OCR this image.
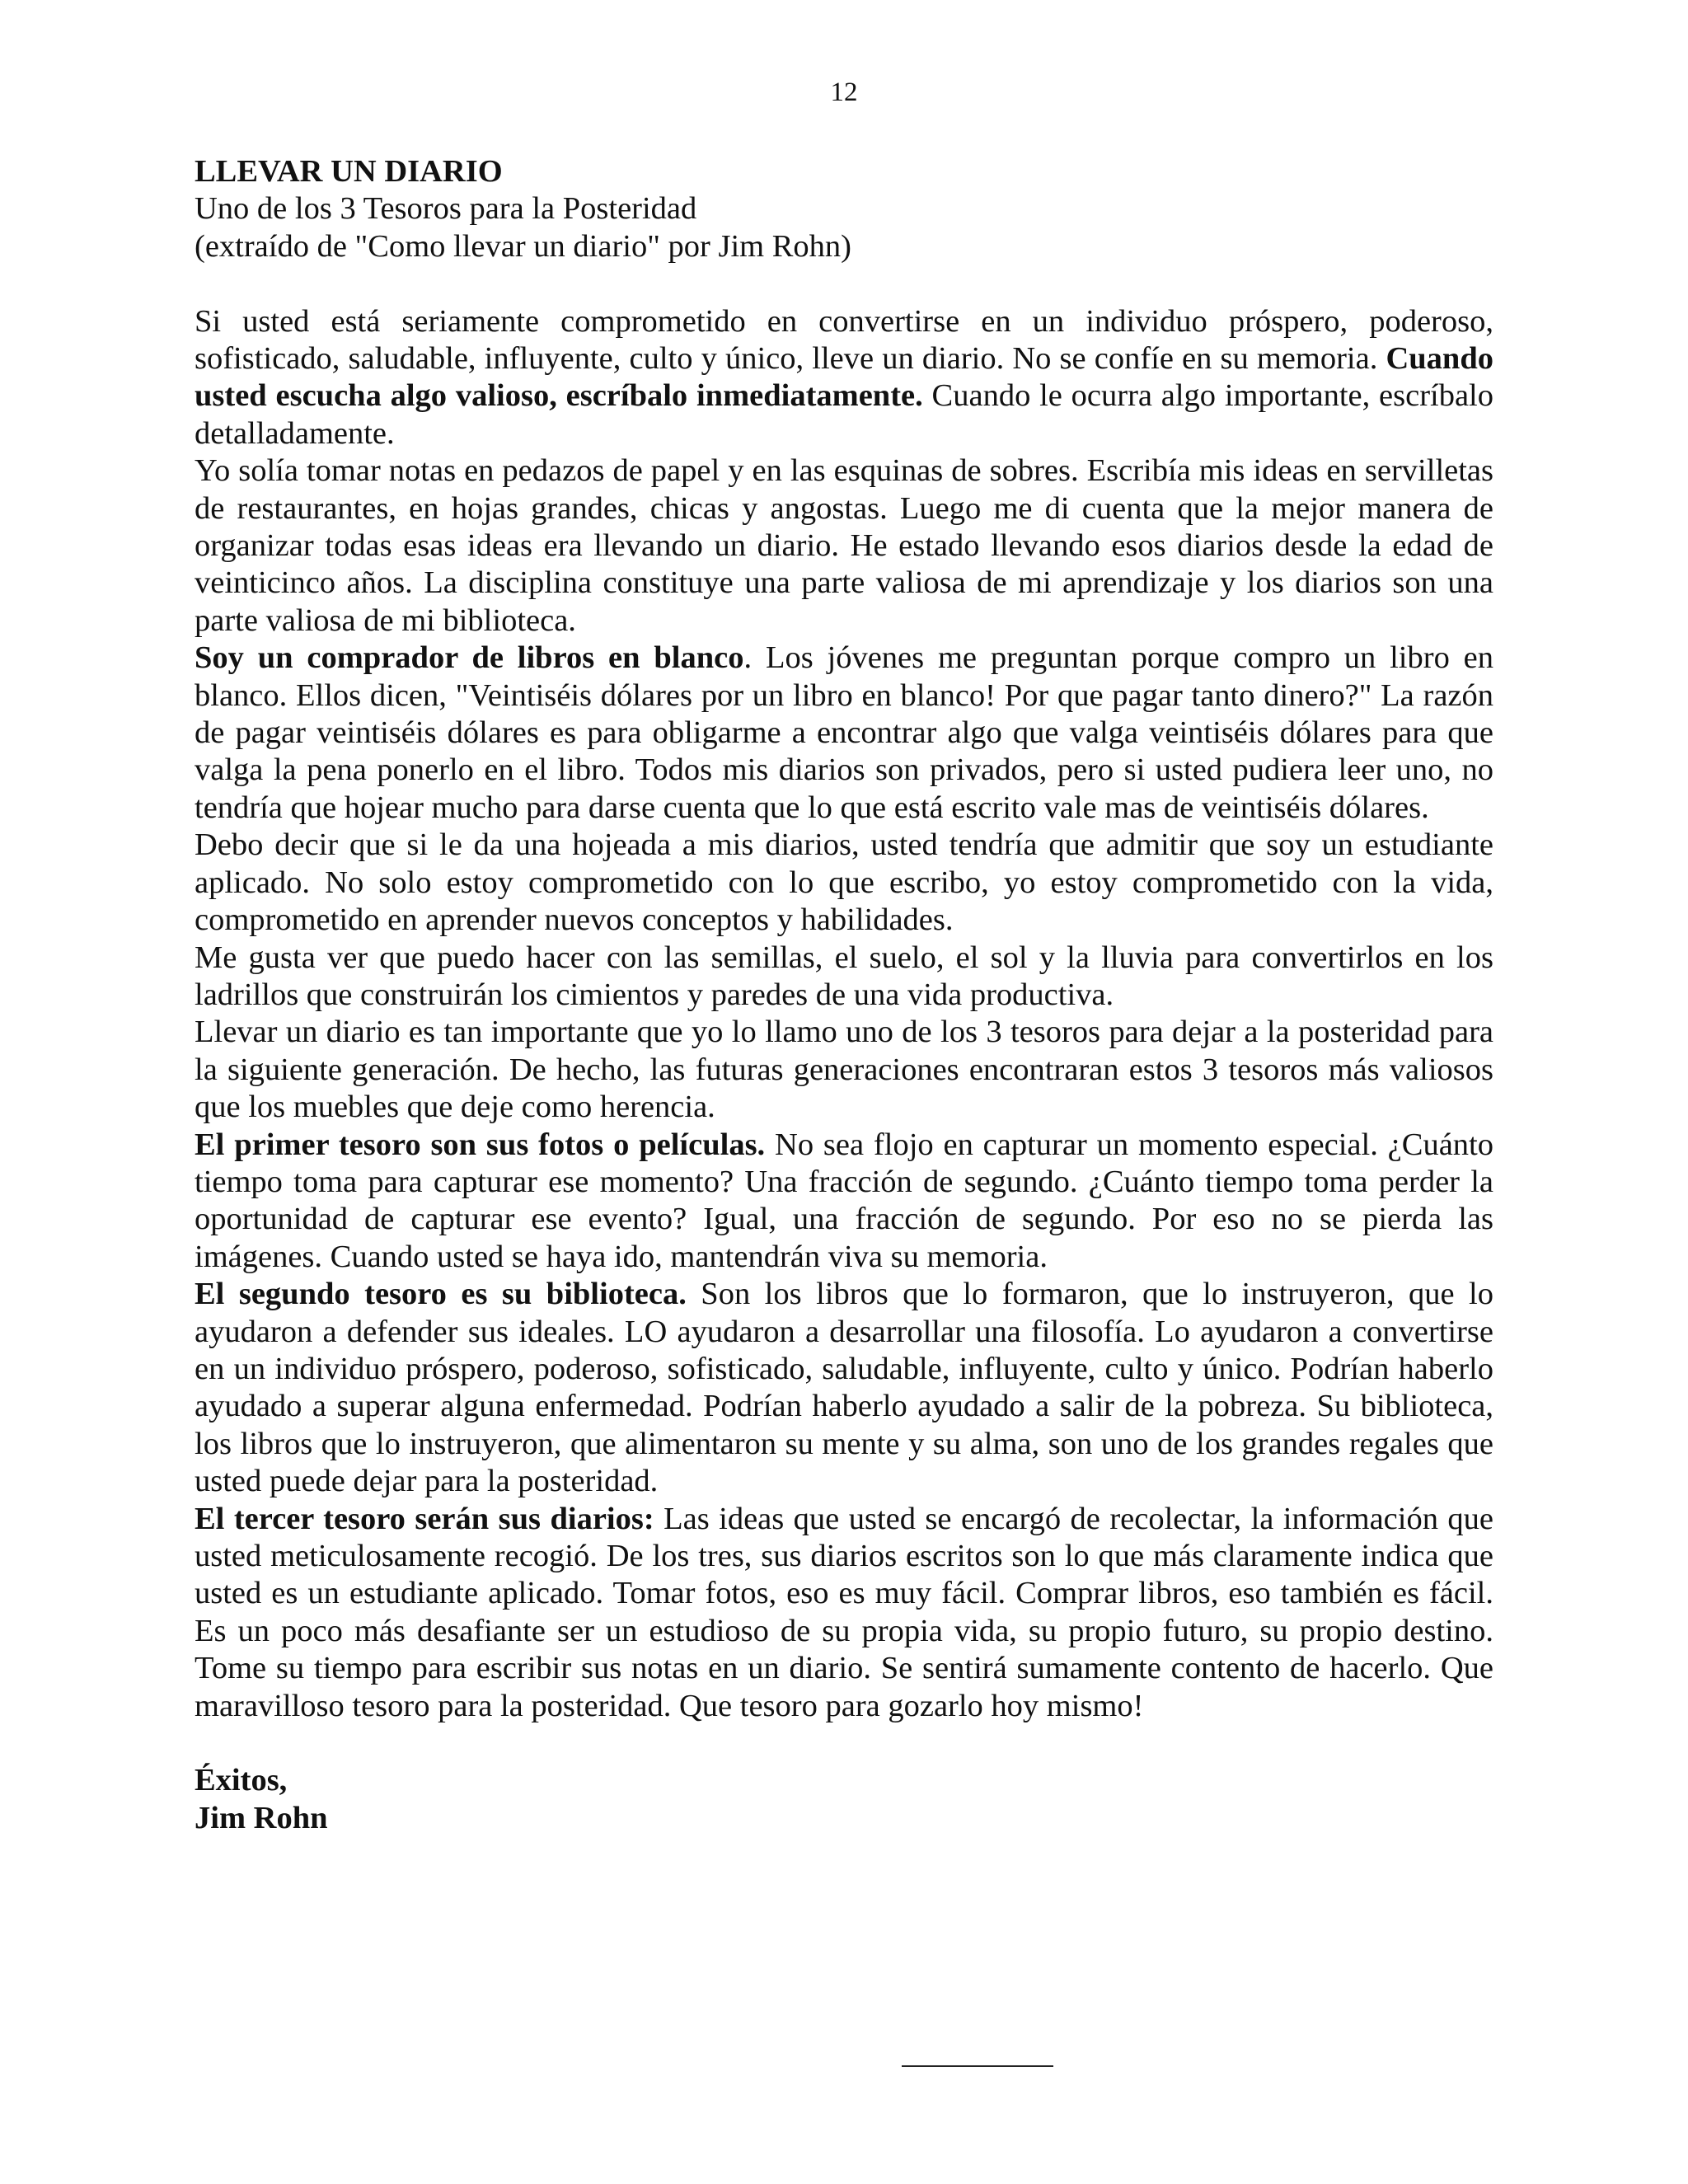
12

LLEVAR UN DIARIO

Uno de los 3 Tesoros para la Posteridad

(extraído de "Como llevar un diario" por Jim Rohn)

Si usted está seriamente comprometido en convertirse en un individuo próspero, poderoso, sofisticado, saludable, influyente, culto y único, lleve un diario. No se confíe en su memoria. Cuando usted escucha algo valioso, escríbalo inmediatamente. Cuando le ocurra algo importante, escríbalo detalladamente.

Yo solía tomar notas en pedazos de papel y en las esquinas de sobres. Escribía mis ideas en servilletas de restaurantes, en hojas grandes, chicas y angostas. Luego me di cuenta que la mejor manera de organizar todas esas ideas era llevando un diario. He estado llevando esos diarios desde la edad de veinticinco años. La disciplina constituye una parte valiosa de mi aprendizaje y los diarios son una parte valiosa de mi biblioteca.

Soy un comprador de libros en blanco. Los jóvenes me preguntan porque compro un libro en blanco. Ellos dicen, "Veintiséis dólares por un libro en blanco! Por que pagar tanto dinero?" La razón de pagar veintiséis dólares es para obligarme a encontrar algo que valga veintiséis dólares para que valga la pena ponerlo en el libro. Todos mis diarios son privados, pero si usted pudiera leer uno, no tendría que hojear mucho para darse cuenta que lo que está escrito vale mas de veintiséis dólares.

Debo decir que si le da una hojeada a mis diarios, usted tendría que admitir que soy un estudiante aplicado. No solo estoy comprometido con lo que escribo, yo estoy comprometido con la vida, comprometido en aprender nuevos conceptos y habilidades.

Me gusta ver que puedo hacer con las semillas, el suelo, el sol y la lluvia para convertirlos en los ladrillos que construirán los cimientos y paredes de una vida productiva.

Llevar un diario es tan importante que yo lo llamo uno de los 3 tesoros para dejar a la posteridad para la siguiente generación. De hecho, las futuras generaciones encontraran estos 3 tesoros más valiosos que los muebles que deje como herencia.

El primer tesoro son sus fotos o películas. No sea flojo en capturar un momento especial. ¿Cuánto tiempo toma para capturar ese momento? Una fracción de segundo. ¿Cuánto tiempo toma perder la oportunidad de capturar ese evento? Igual, una fracción de segundo. Por eso no se pierda las imágenes. Cuando usted se haya ido, mantendrán viva su memoria.

El segundo tesoro es su biblioteca. Son los libros que lo formaron, que lo instruyeron, que lo ayudaron a defender sus ideales. LO ayudaron a desarrollar una filosofía. Lo ayudaron a convertirse en un individuo próspero, poderoso, sofisticado, saludable, influyente, culto y único. Podrían haberlo ayudado a superar alguna enfermedad. Podrían haberlo ayudado a salir de la pobreza. Su biblioteca, los libros que lo instruyeron, que alimentaron su mente y su alma, son uno de los grandes regales que usted puede dejar para la posteridad.

El tercer tesoro serán sus diarios: Las ideas que usted se encargó de recolectar, la información que usted meticulosamente recogió. De los tres, sus diarios escritos son lo que más claramente indica que usted es un estudiante aplicado. Tomar fotos, eso es muy fácil. Comprar libros, eso también es fácil. Es un poco más desafiante ser un estudioso de su propia vida, su propio futuro, su propio destino. Tome su tiempo para escribir sus notas en un diario. Se sentirá sumamente contento de hacerlo. Que maravilloso tesoro para la posteridad. Que tesoro para gozarlo hoy mismo!

Éxitos,

Jim Rohn
